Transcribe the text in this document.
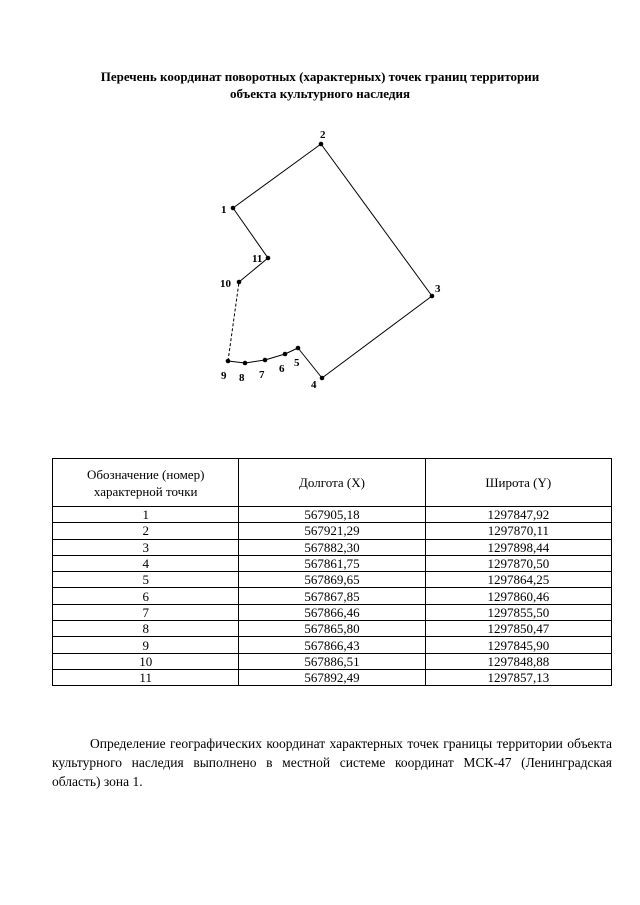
Перечень координат поворотных (характерных) точек границ территории
объекта культурного наследия
1
2
3
4
5
6
7
8
9
10
11
Обозначение (номер) характерной точки	Долгота (X)	Широта (Y)
1	567905,18	1297847,92
2	567921,29	1297870,11
3	567882,30	1297898,44
4	567861,75	1297870,50
5	567869,65	1297864,25
6	567867,85	1297860,46
7	567866,46	1297855,50
8	567865,80	1297850,47
9	567866,43	1297845,90
10	567886,51	1297848,88
11	567892,49	1297857,13

Определение географических координат характерных точек границы территории объекта культурного наследия выполнено в местной системе координат МСК-47 (Ленинградская область) зона 1.
